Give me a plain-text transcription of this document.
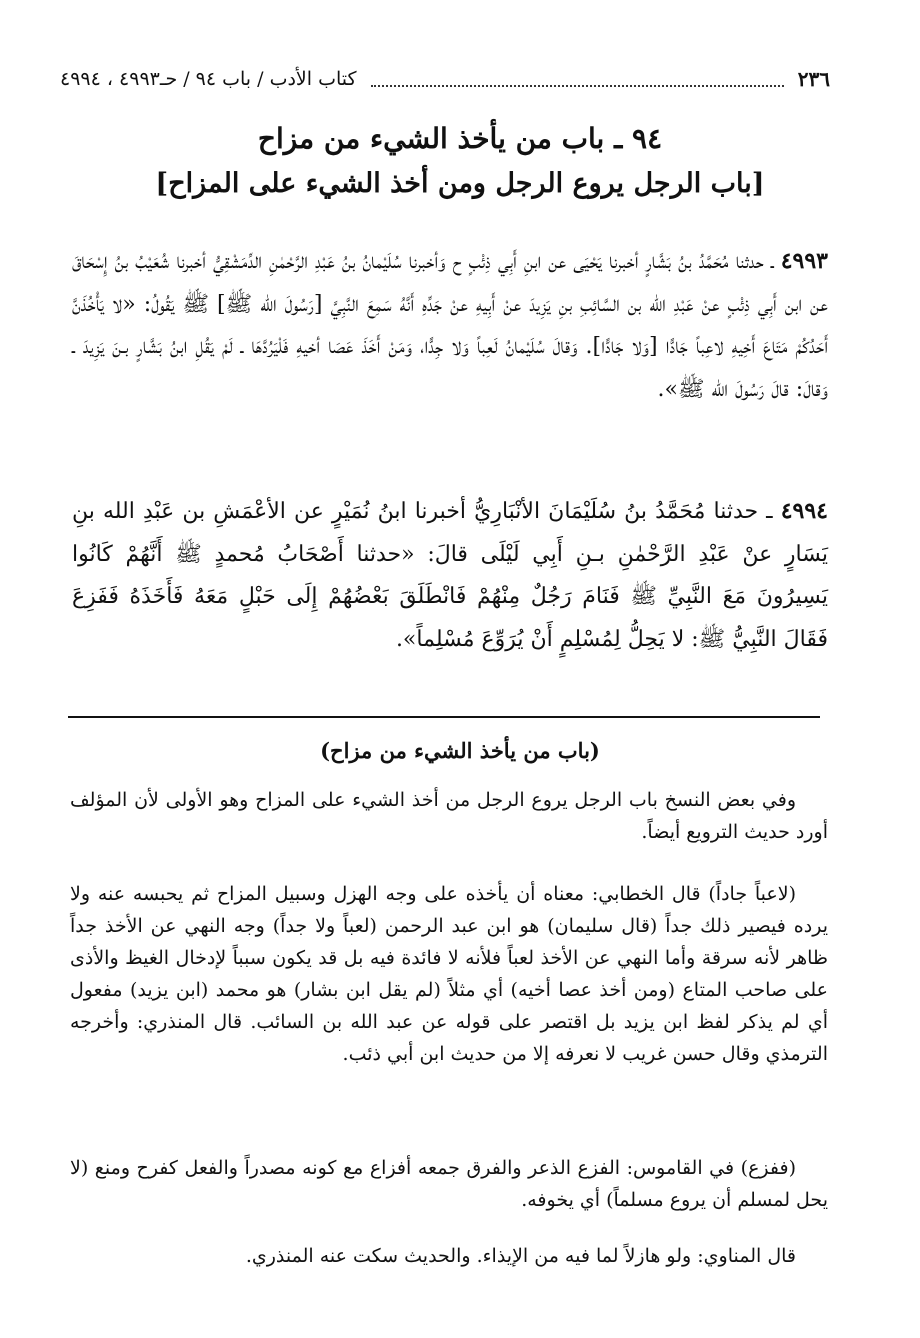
٢٣٦
كتاب الأدب / باب ٩٤ / حـ٤٩٩٣ ، ٤٩٩٤
٩٤ ـ باب من يأخذ الشيء من مزاح
[باب الرجل يروع الرجل ومن أخذ الشيء على المزاح]

٤٩٩٣ ـ حدثنا مُحَمَّدُ بنُ بَشَّارٍ أخبرنا يَحْيَى عن ابنِ أَبِي ذِئْبٍ ح وَأخبرنا سُلَيْمانُ بنُ عَبْدِ الرَّحْمٰنِ الدِّمَشْقِيُّ أخبرنا شُعَيْبُ بنُ إِسْحَاقَ عن ابن أَبِي ذِئْبٍ عنْ عَبْدِ الله بن السَّائِبِ بنِ يَزِيدَ عنْ أَبِيهِ عنْ جَدِّهِ أَنَّهُ سَمِعَ النَّبِيَّ [رَسُولَ الله ﷺ] ﷺ يَقُولُ: «لا يَأْخُذَنَّ أَحَدُكُمْ مَتَاعَ أَخِيهِ لاعِباً جَادًّا [وَلا جَادًّا]. وَقالَ سُلَيْمانُ لَعِباً وَلا جِدًّا، وَمَنْ أَخَذَ عَصَا أخيهِ فَلْيَرُدَّهَا ـ لَمْ يَقُلِ ابنُ بَشَّارٍ بـنَ يَزِيدَ ـ وَقالَ: قالَ رَسُولَ الله ﷺ».

٤٩٩٤ ـ حدثنا مُحَمَّدُ بنُ سُلَيْمَانَ الأنْبَارِيُّ أخبرنا ابنُ نُمَيْرٍ عن الأعْمَشِ بن عَبْدِ الله بنِ يَسَارٍ عنْ عَبْدِ الرَّحْمٰنِ بـنِ أَبِي لَيْلَى قالَ: «حدثنا أَصْحَابُ مُحمدٍ ﷺ أَنَّهُمْ كَانُوا يَسِيرُونَ مَعَ النَّبِيِّ ﷺ فَنَامَ رَجُلٌ مِنْهُمْ فَانْطَلَقَ بَعْضُهُمْ إِلَى حَبْلٍ مَعَهُ فَأَخَذَهُ فَفَزِعَ فَقَالَ النَّبِيُّ ﷺ: لا يَحِلُّ لِمُسْلِمٍ أَنْ يُرَوِّعَ مُسْلِماً».

(باب من يأخذ الشيء من مزاح)

وفي بعض النسخ باب الرجل يروع الرجل من أخذ الشيء على المزاح وهو الأولى لأن المؤلف أورد حديث الترويع أيضاً.

(لاعباً جاداً) قال الخطابي: معناه أن يأخذه على وجه الهزل وسبيل المزاح ثم يحبسه عنه ولا يرده فيصير ذلك جداً (قال سليمان) هو ابن عبد الرحمن (لعباً ولا جداً) وجه النهي عن الأخذ جداً ظاهر لأنه سرقة وأما النهي عن الأخذ لعباً فلأنه لا فائدة فيه بل قد يكون سبباً لإدخال الغيظ والأذى على صاحب المتاع (ومن أخذ عصا أخيه) أي مثلاً (لم يقل ابن بشار) هو محمد (ابن يزيد) مفعول أي لم يذكر لفظ ابن يزيد بل اقتصر على قوله عن عبد الله بن السائب. قال المنذري: وأخرجه الترمذي وقال حسن غريب لا نعرفه إلا من حديث ابن أبي ذئب.

(ففزع) في القاموس: الفزع الذعر والفرق جمعه أفزاع مع كونه مصدراً والفعل كفرح ومنع (لا يحل لمسلم أن يروع مسلماً) أي يخوفه.

قال المناوي: ولو هازلاً لما فيه من الإيذاء. والحديث سكت عنه المنذري.
